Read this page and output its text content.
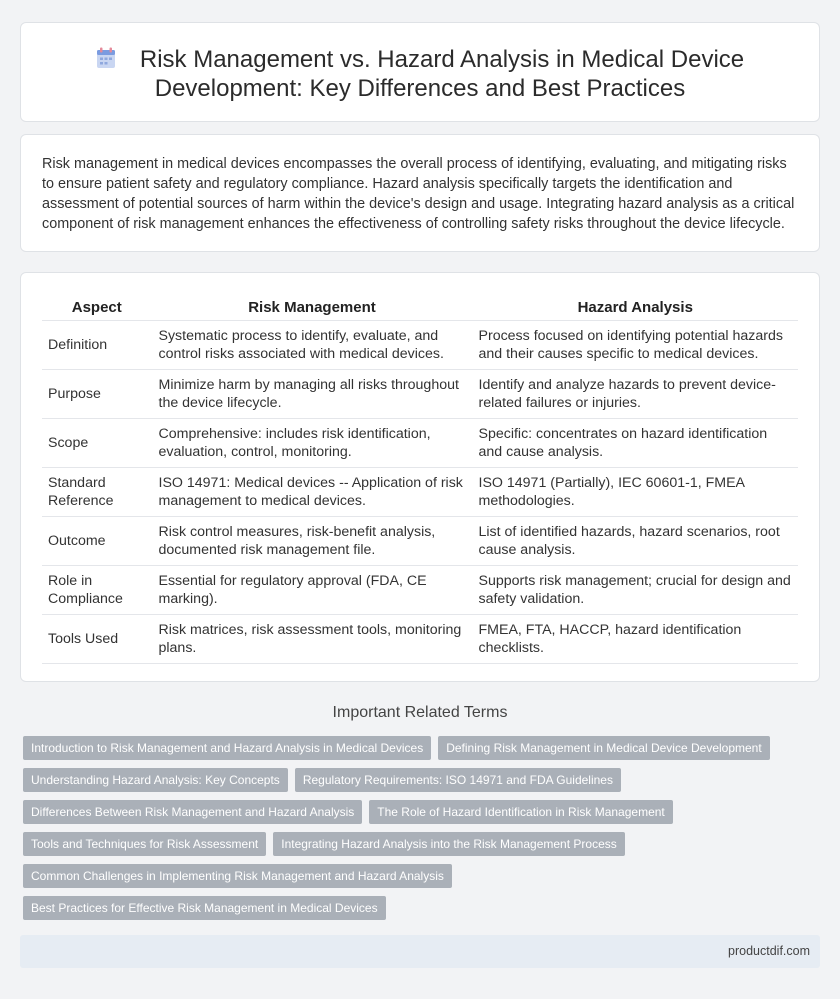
Risk Management vs. Hazard Analysis in Medical Device
Development: Key Differences and Best Practices

Risk management in medical devices encompasses the overall process of identifying, evaluating, and mitigating risks to ensure patient safety and regulatory compliance. Hazard analysis specifically targets the identification and assessment of potential sources of harm within the device's design and usage. Integrating hazard analysis as a critical component of risk management enhances the effectiveness of controlling safety risks throughout the device lifecycle.

Aspect	Risk Management	Hazard Analysis
Definition	Systematic process to identify, evaluate, and control risks associated with medical devices.	Process focused on identifying potential hazards and their causes specific to medical devices.
Purpose	Minimize harm by managing all risks throughout the device lifecycle.	Identify and analyze hazards to prevent device-related failures or injuries.
Scope	Comprehensive: includes risk identification, evaluation, control, monitoring.	Specific: concentrates on hazard identification and cause analysis.
Standard Reference	ISO 14971: Medical devices -- Application of risk management to medical devices.	ISO 14971 (Partially), IEC 60601-1, FMEA methodologies.
Outcome	Risk control measures, risk-benefit analysis, documented risk management file.	List of identified hazards, hazard scenarios, root cause analysis.
Role in Compliance	Essential for regulatory approval (FDA, CE marking).	Supports risk management; crucial for design and safety validation.
Tools Used	Risk matrices, risk assessment tools, monitoring plans.	FMEA, FTA, HACCP, hazard identification checklists.
Important Related Terms
Introduction to Risk Management and Hazard Analysis in Medical Devices	Defining Risk Management in Medical Device Development
Understanding Hazard Analysis: Key Concepts	Regulatory Requirements: ISO 14971 and FDA Guidelines
Differences Between Risk Management and Hazard Analysis	The Role of Hazard Identification in Risk Management
Tools and Techniques for Risk Assessment	Integrating Hazard Analysis into the Risk Management Process
Common Challenges in Implementing Risk Management and Hazard Analysis
Best Practices for Effective Risk Management in Medical Devices
productdif.com
